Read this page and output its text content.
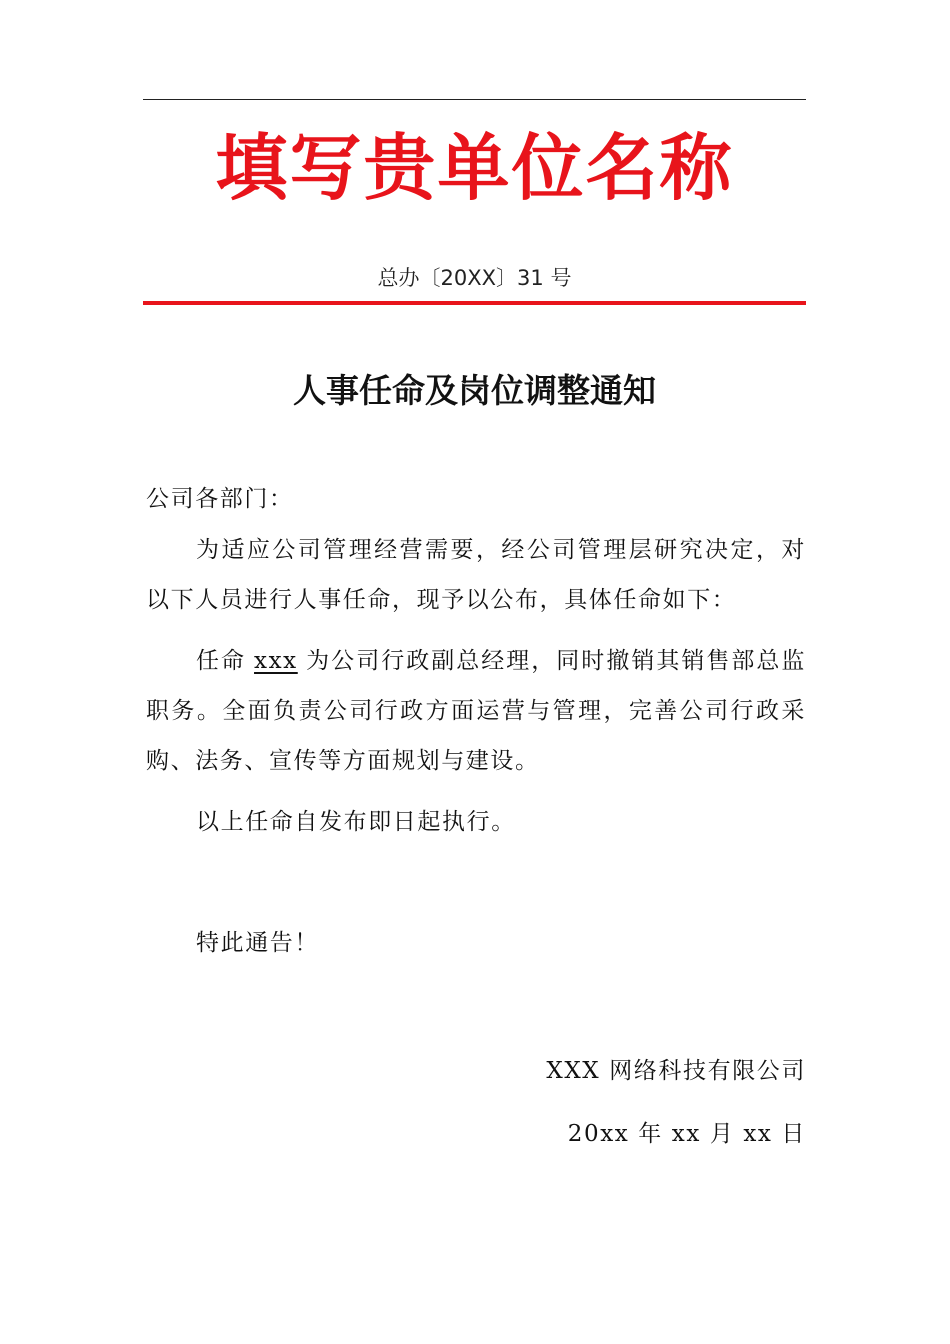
填写贵单位名称
总办〔20XX〕31 号
人事任命及岗位调整通知
公司各部门：
为适应公司管理经营需要，经公司管理层研究决定，对以下人员进行人事任命，现予以公布，具体任命如下：
任命 xxx 为公司行政副总经理，同时撤销其销售部总监职务。全面负责公司行政方面运营与管理，完善公司行政采购、法务、宣传等方面规划与建设。
以上任命自发布即日起执行。
特此通告！
XXX 网络科技有限公司
20xx 年 xx 月 xx 日
